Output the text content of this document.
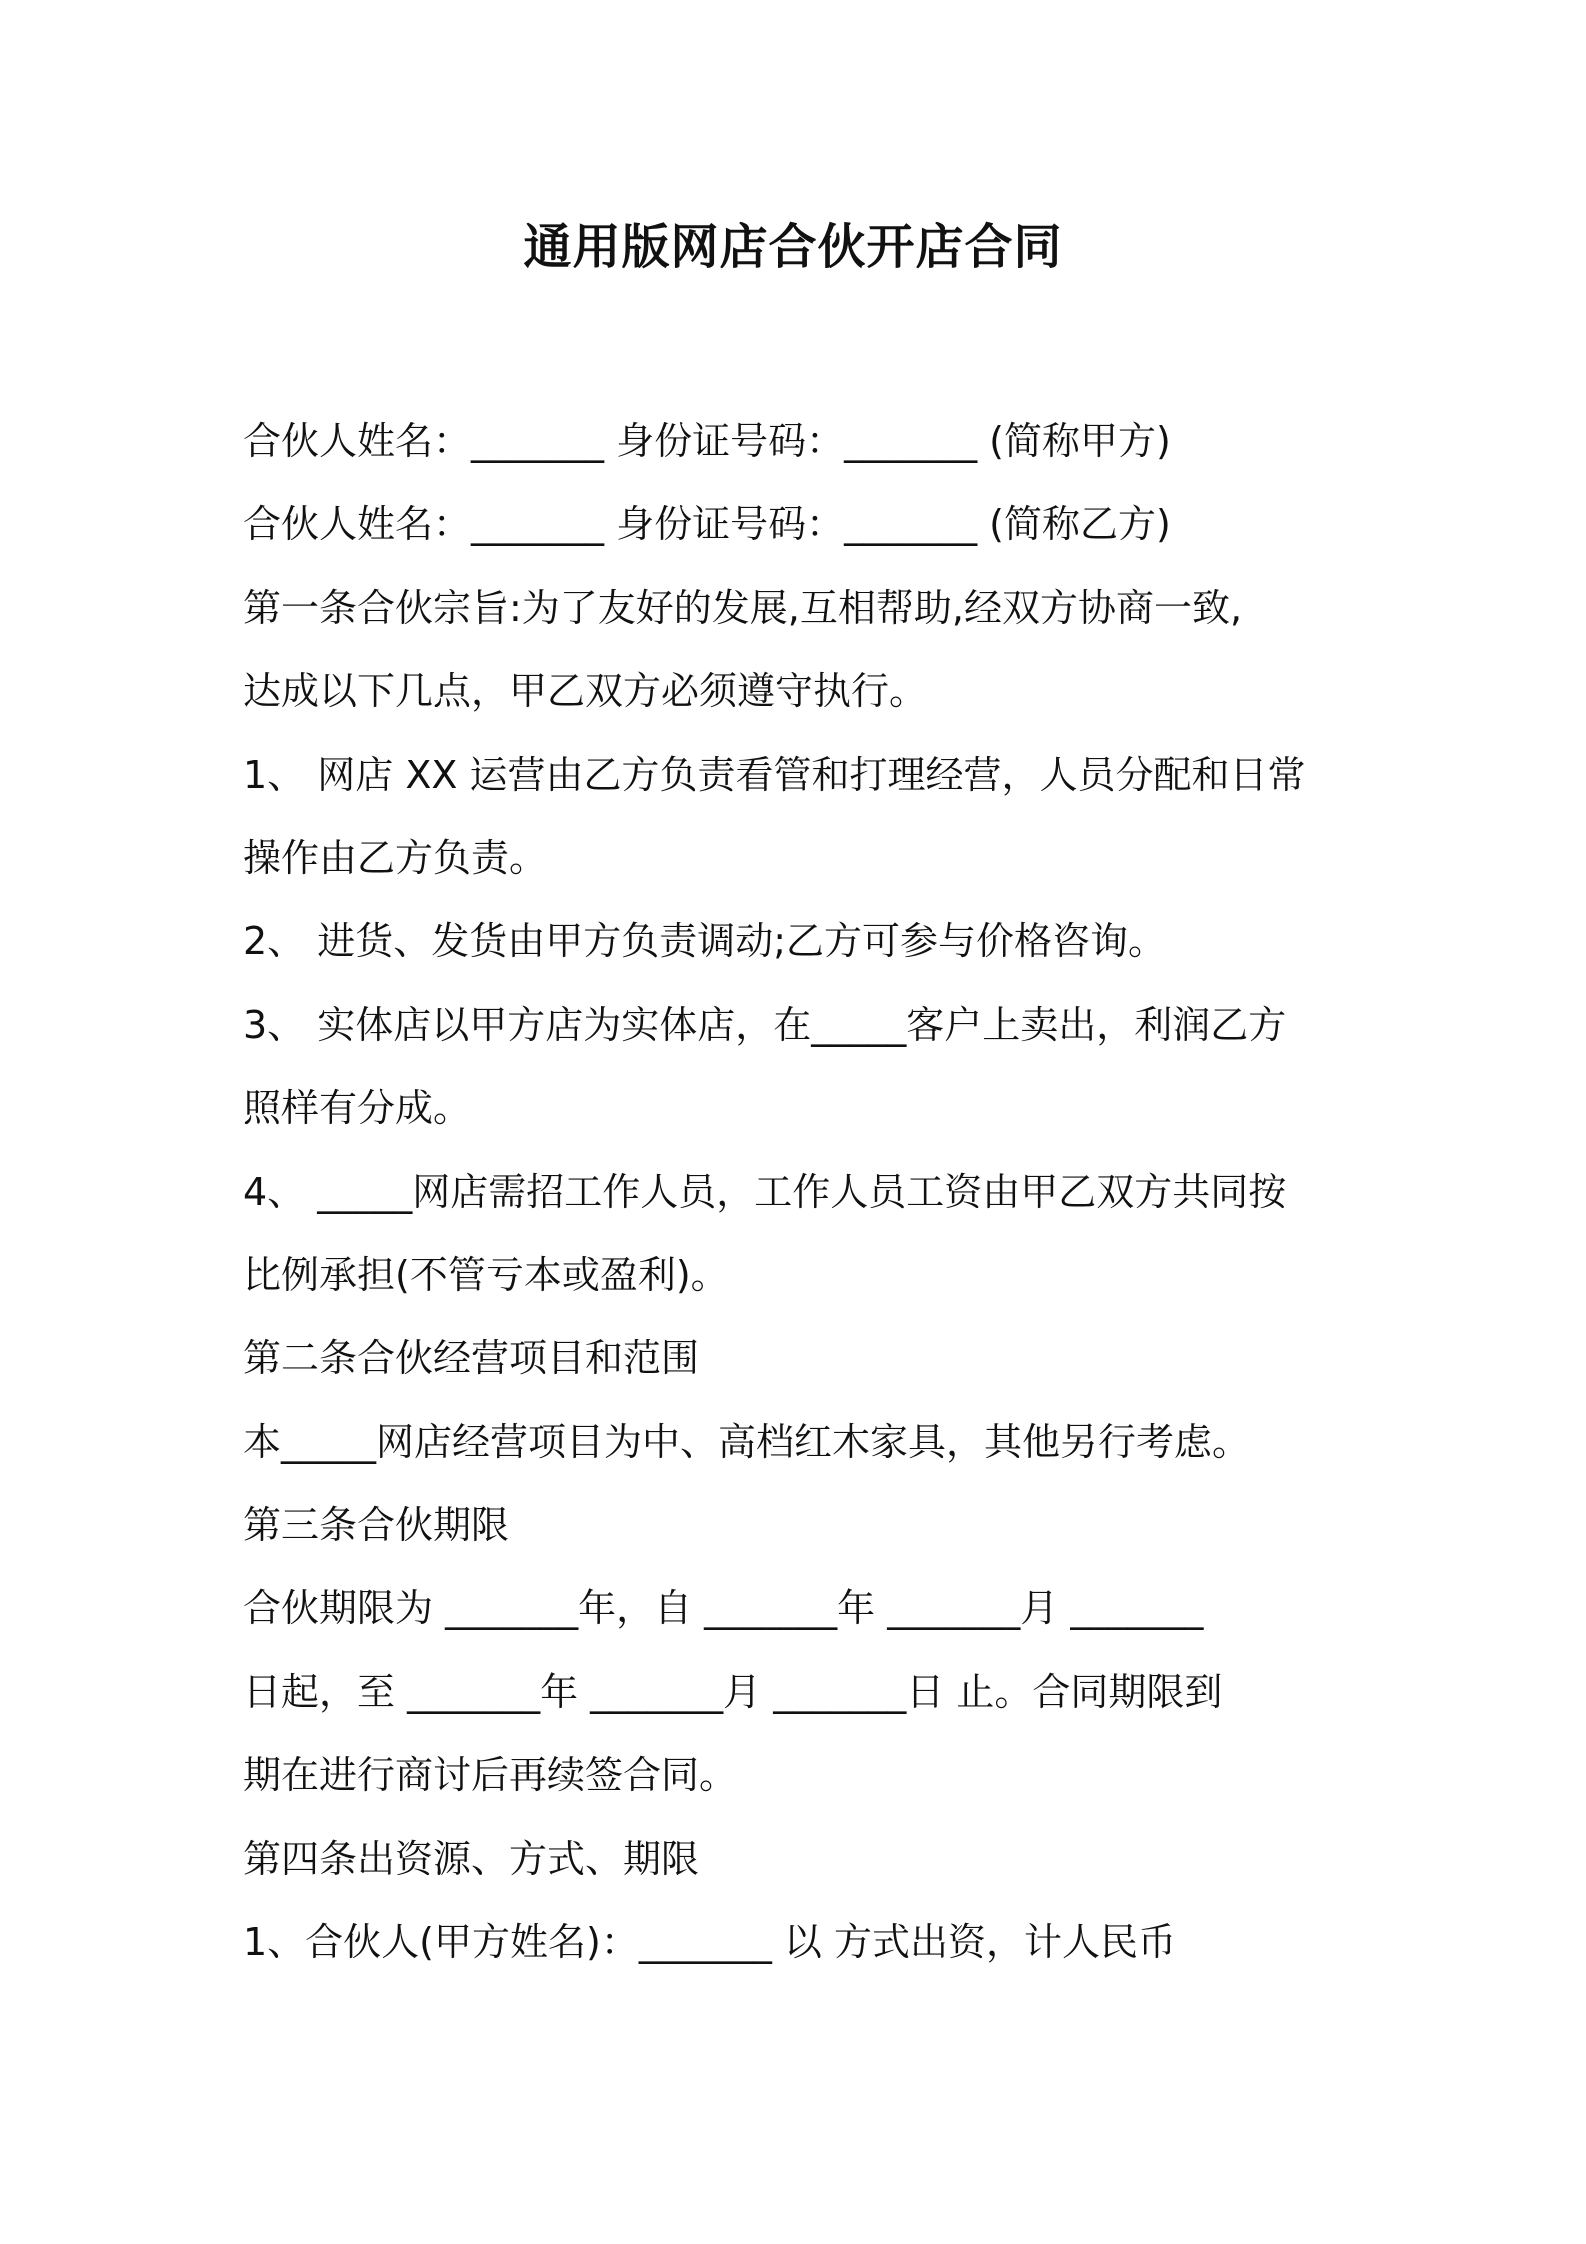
通用版网店合伙开店合同
合伙人姓名：_______ 身份证号码：_______ (简称甲方)
合伙人姓名：_______ 身份证号码：_______ (简称乙方)
第一条合伙宗旨:为了友好的发展,互相帮助,经双方协商一致,
达成以下几点，甲乙双方必须遵守执行。
1、 网店 XX 运营由乙方负责看管和打理经营，人员分配和日常
操作由乙方负责。
2、 进货、发货由甲方负责调动;乙方可参与价格咨询。
3、 实体店以甲方店为实体店，在_____客户上卖出，利润乙方
照样有分成。
4、 _____网店需招工作人员，工作人员工资由甲乙双方共同按
比例承担(不管亏本或盈利)。
第二条合伙经营项目和范围
本_____网店经营项目为中、高档红木家具，其他另行考虑。
第三条合伙期限
合伙期限为 _______年，自 _______年 _______月 _______
日起，至 _______年 _______月 _______日 止。合同期限到
期在进行商讨后再续签合同。
第四条出资源、方式、期限
1、合伙人(甲方姓名)：_______ 以 方式出资，计人民币
